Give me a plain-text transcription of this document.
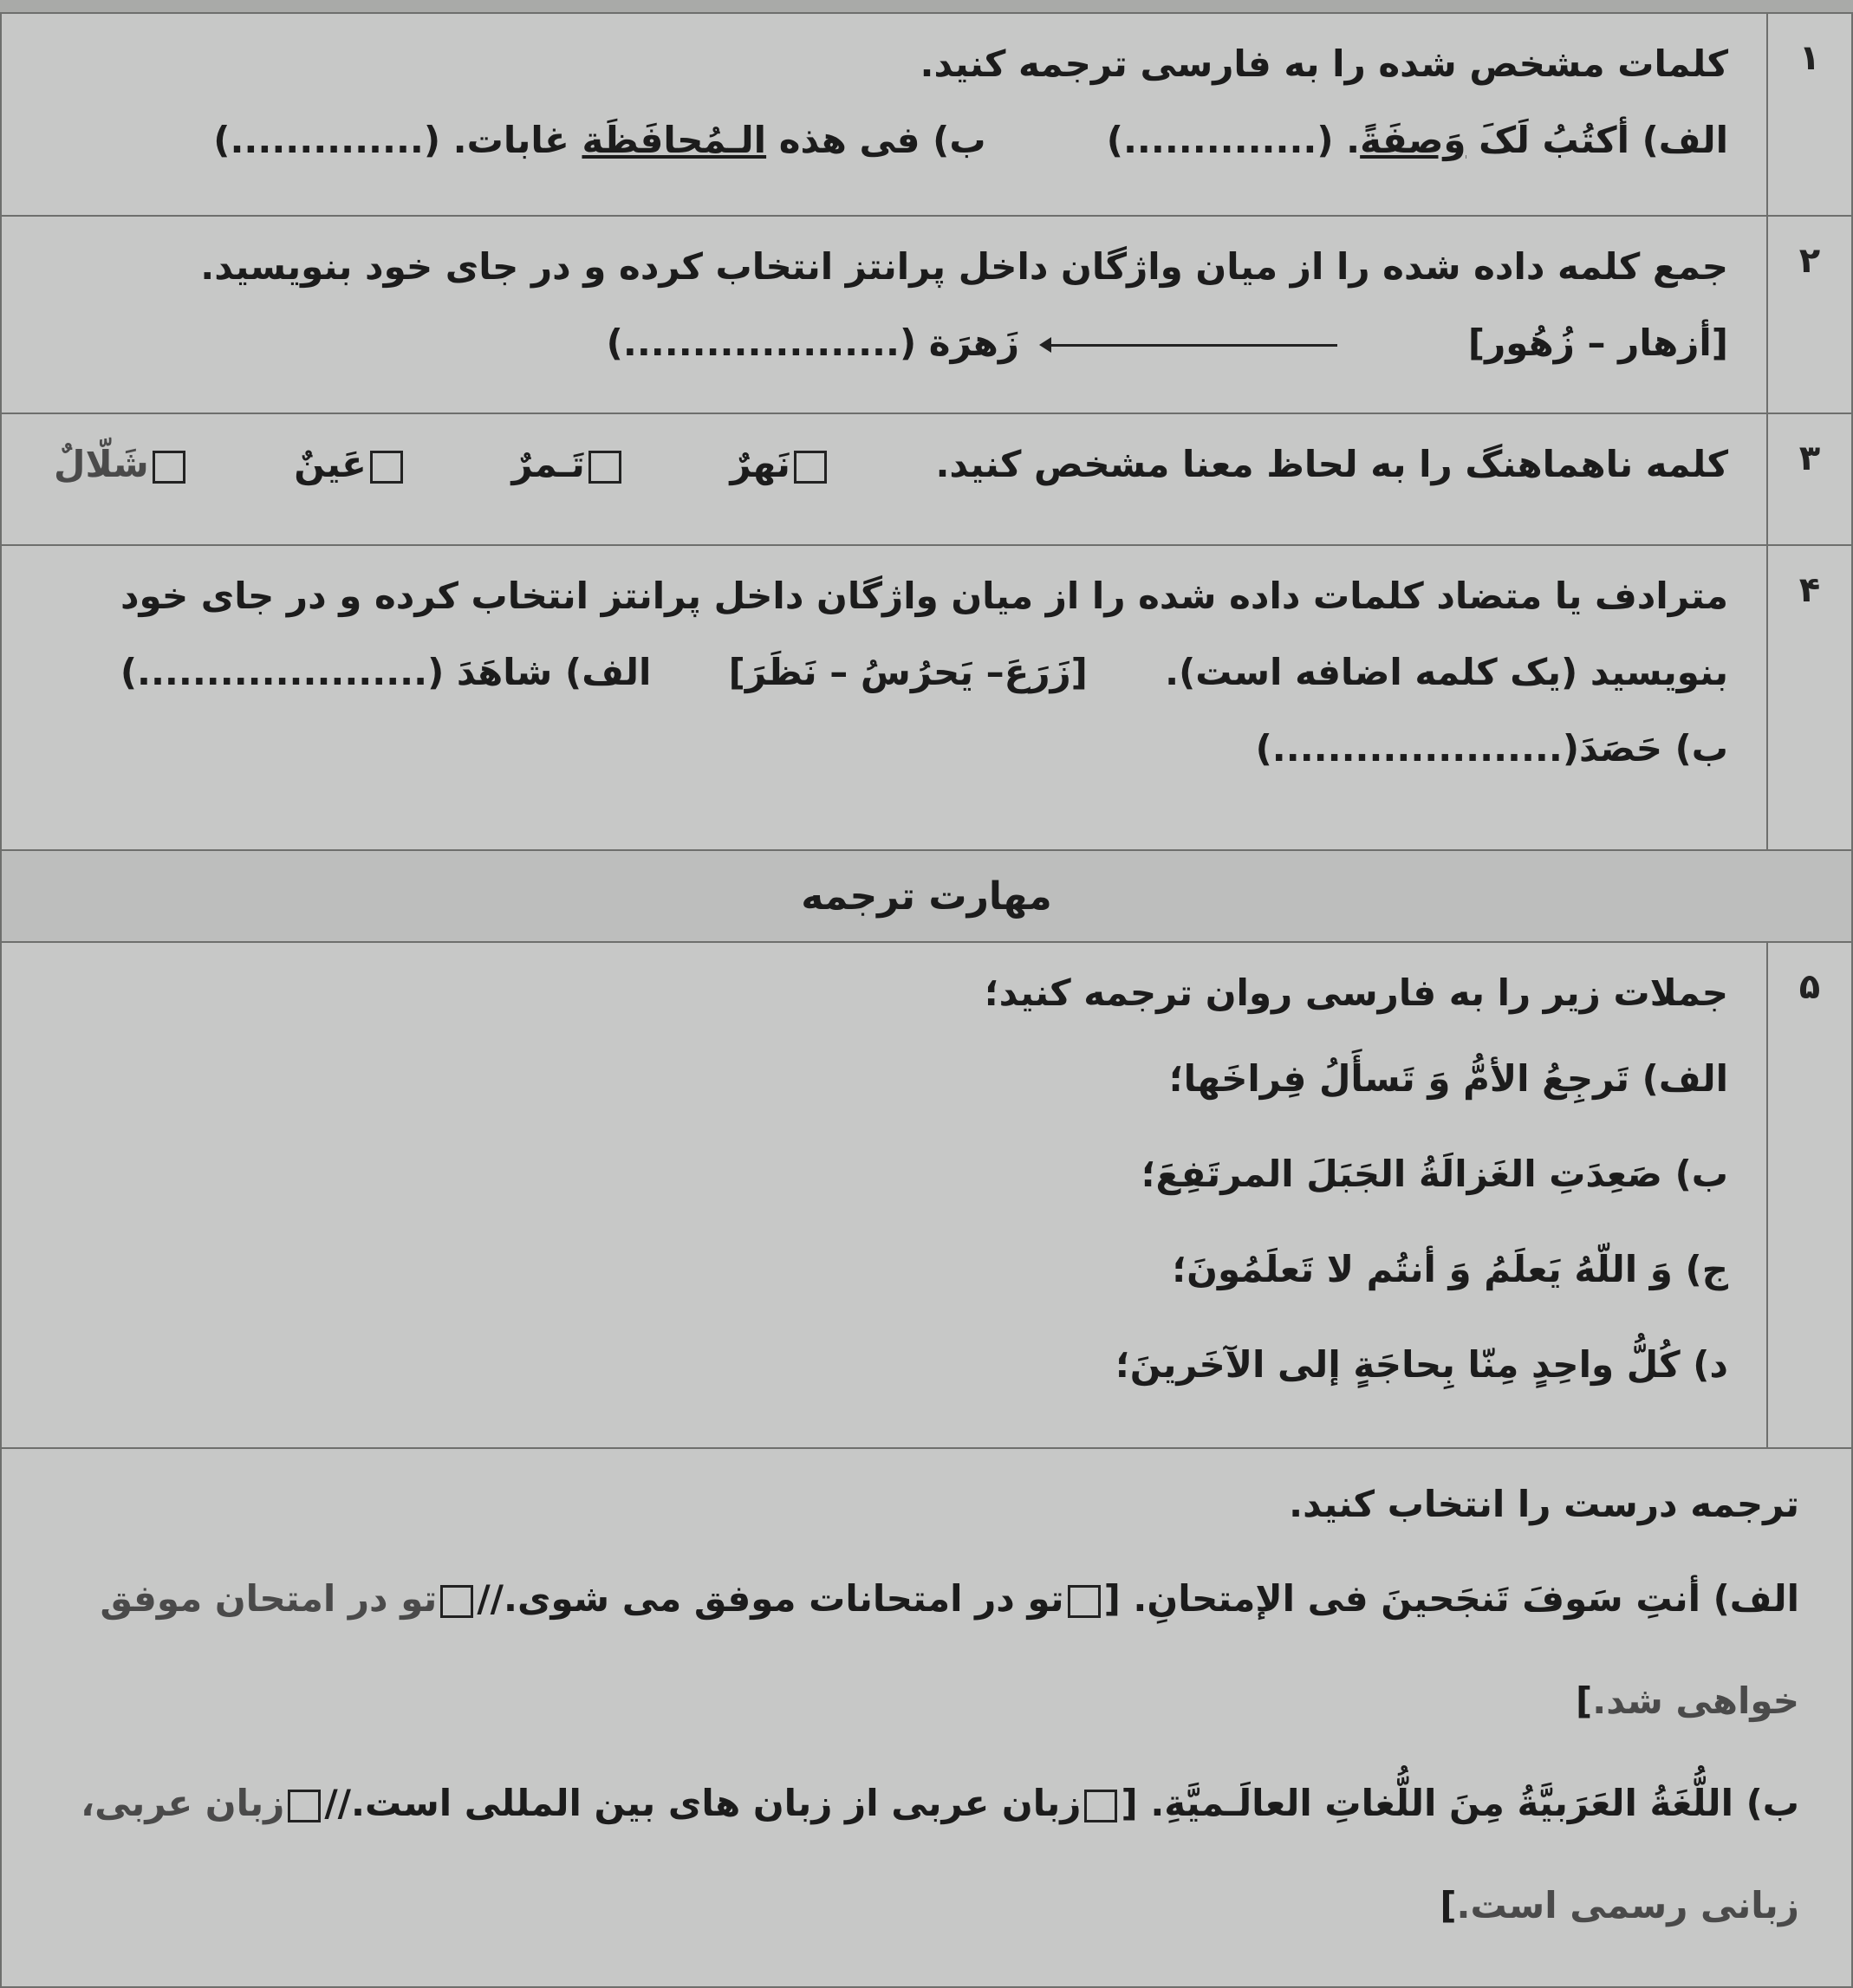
۱	کلمات مشخص شده را به فارسی ترجمه کنید.
الف) أکتُبُ لَکَ وَصفَةً. (..............)  ب) فی هذه الـمُحافَظَة غابات. (..............)

۲	جمع کلمه داده شده را از میان واژگان داخل پرانتز انتخاب کرده و در جای خود بنویسید.
[أزهار – زُهُور]   زَهرَة (....................)

۳	کلمه ناهماهنگ را به لحاظ معنا مشخص کنید.
نَهرٌ
تَـمرٌ
عَینٌ
شَلّالٌ

۴	مترادف یا متضاد کلمات داده شده را از میان واژگان داخل پرانتز انتخاب کرده و در جای خود
بنویسید (یک کلمه اضافه است).  [زَرَعَ– یَحرُسُ – نَظَرَ]  الف) شاهَدَ (.....................)
ب) حَصَدَ(.....................)

مهارت ترجمه	
۵	جملات زیر را به فارسی روان ترجمه کنید؛
الف) تَرجِعُ الأمُّ وَ تَسأَلُ فِراخَها؛
ب) صَعِدَتِ الغَزالَةُ الجَبَلَ المرتَفِعَ؛
ج) وَ اللّهُ یَعلَمُ وَ أنتُم لا تَعلَمُونَ؛
د) کُلُّ واحِدٍ مِنّا بِحاجَةٍ إلی الآخَرینَ؛

ترجمه درست را انتخاب کنید.
الف) أنتِ سَوفَ تَنجَحینَ فی الإمتحانِ. [تو در امتحانات موفق می شوی.//تو در امتحان موفق خواهی شد.]
ب) اللُّغَةُ العَرَبیَّةُ مِنَ اللُّغاتِ العالَـمیَّةِ. [زبان عربی از زبان های بین المللی است.//زبان عربی، زبانی رسمی است.]	
